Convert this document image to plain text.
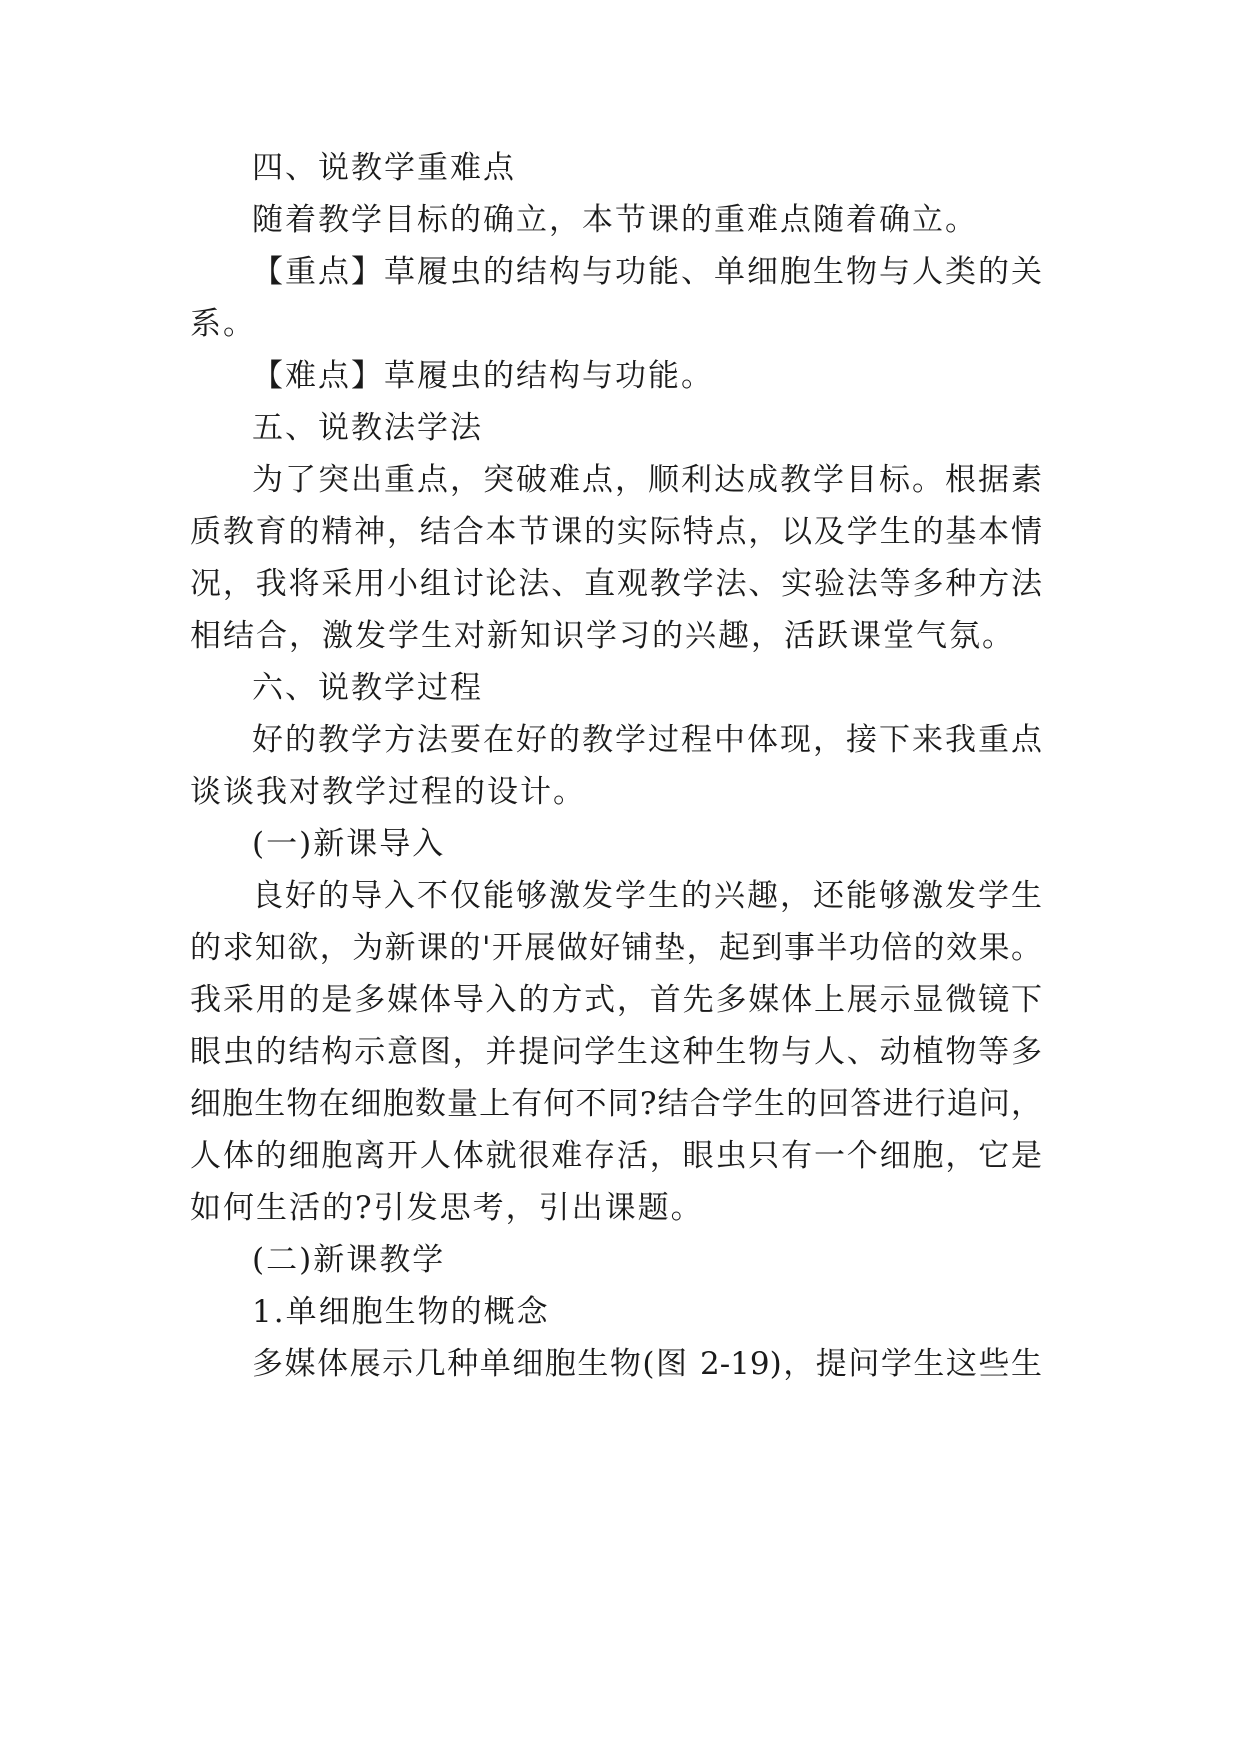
四、说教学重难点

随着教学目标的确立，本节课的重难点随着确立。

【重点】草履虫的结构与功能、单细胞生物与人类的关

系。

【难点】草履虫的结构与功能。

五、说教法学法

为了突出重点，突破难点，顺利达成教学目标。根据素

质教育的精神，结合本节课的实际特点，以及学生的基本情

况，我将采用小组讨论法、直观教学法、实验法等多种方法

相结合，激发学生对新知识学习的兴趣，活跃课堂气氛。

六、说教学过程

好的教学方法要在好的教学过程中体现，接下来我重点

谈谈我对教学过程的设计。

(一)新课导入

良好的导入不仅能够激发学生的兴趣，还能够激发学生

的求知欲，为新课的'开展做好铺垫，起到事半功倍的效果。

我采用的是多媒体导入的方式，首先多媒体上展示显微镜下

眼虫的结构示意图，并提问学生这种生物与人、动植物等多

细胞生物在细胞数量上有何不同?结合学生的回答进行追问，

人体的细胞离开人体就很难存活，眼虫只有一个细胞，它是

如何生活的?引发思考，引出课题。

(二)新课教学

1.单细胞生物的概念

多媒体展示几种单细胞生物(图 2-19)，提问学生这些生
